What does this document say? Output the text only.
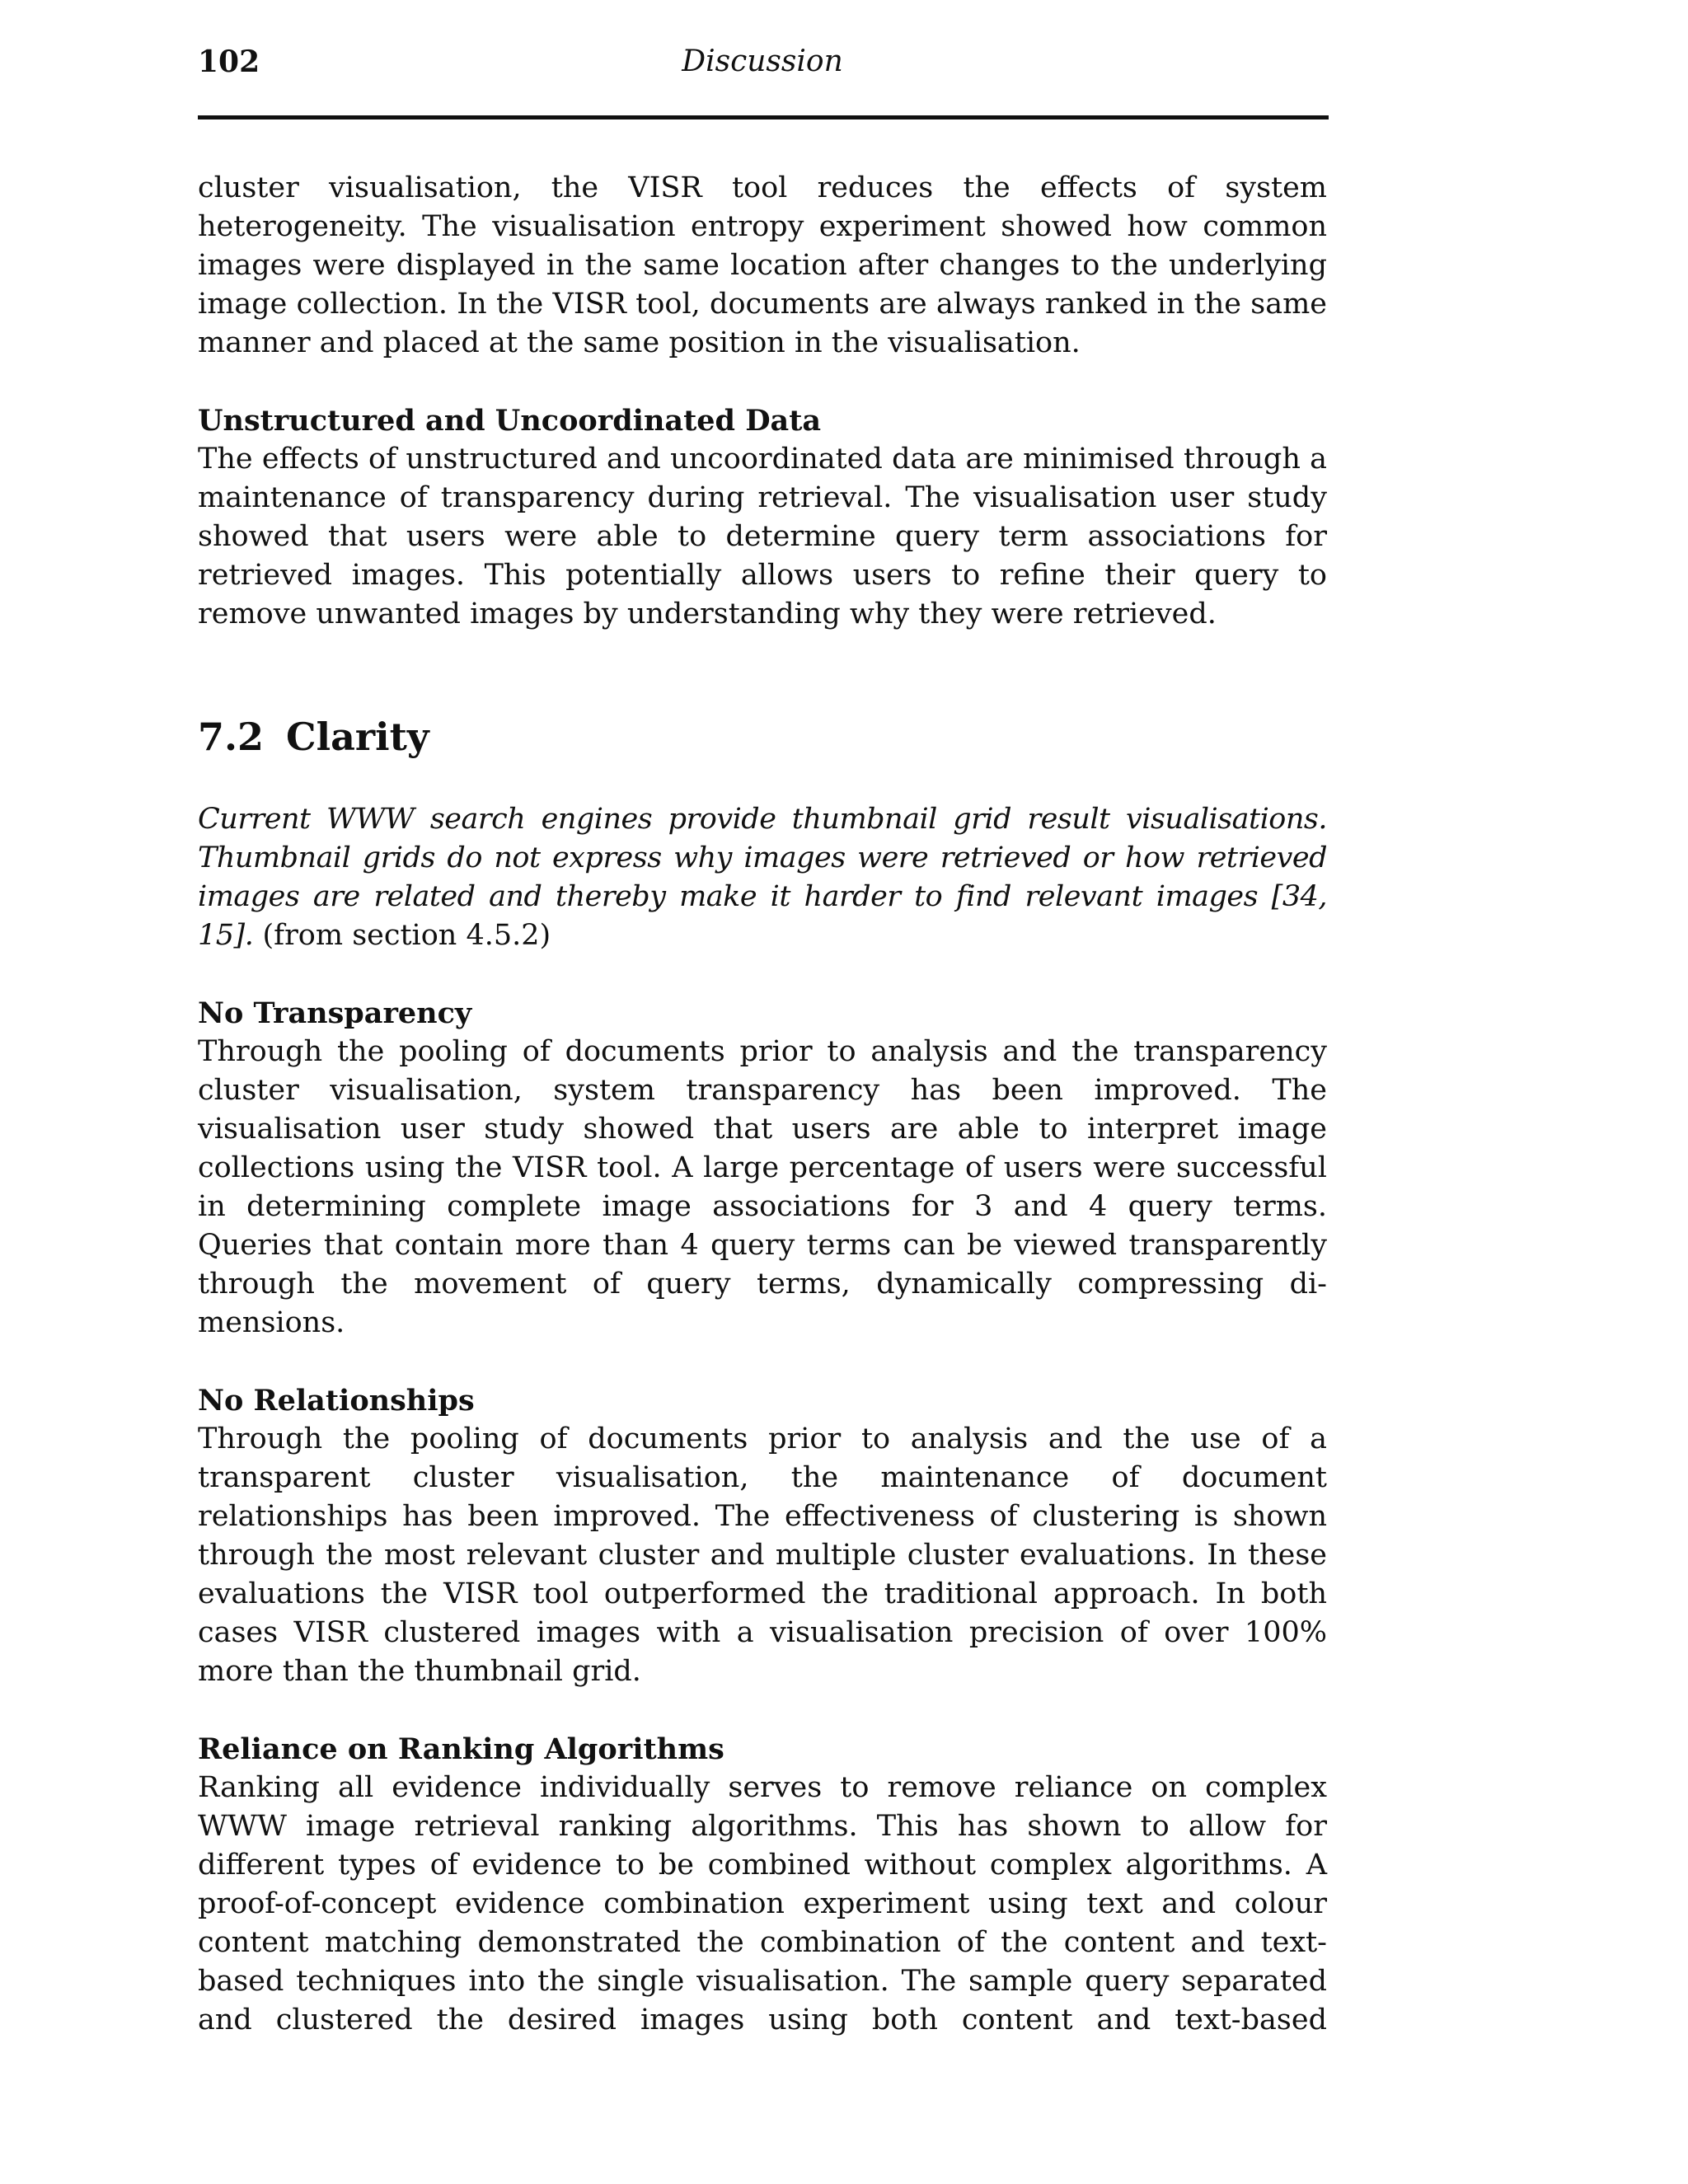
102	Discussion

cluster visualisation, the VISR tool reduces the effects of system heterogeneity. The visualisation entropy experiment showed how common images were displayed in the same location after changes to the underlying image collection. In the VISR tool, documents are always ranked in the same manner and placed at the same position in the visualisation.

Unstructured and Uncoordinated Data

The effects of unstructured and uncoordinated data are minimised through a maintenance of transparency during retrieval. The visualisation user study showed that users were able to determine query term associations for retrieved images. This potentially allows users to refine their query to remove unwanted images by understanding why they were retrieved.

7.2 Clarity

Current WWW search engines provide thumbnail grid result visualisations. Thumbnail grids do not express why images were retrieved or how retrieved images are related and thereby make it harder to find relevant images [34, 15]. (from section 4.5.2)

No Transparency

Through the pooling of documents prior to analysis and the transparency cluster visualisation, system transparency has been improved. The visualisation user study showed that users are able to interpret image collections using the VISR tool. A large percentage of users were successful in determining complete image associations for 3 and 4 query terms. Queries that contain more than 4 query terms can be viewed transparently through the movement of query terms, dynamically compressing dimensions.

No Relationships

Through the pooling of documents prior to analysis and the use of a transparent cluster visualisation, the maintenance of document relationships has been improved. The effectiveness of clustering is shown through the most relevant cluster and multiple cluster evaluations. In these evaluations the VISR tool outperformed the traditional approach. In both cases VISR clustered images with a visualisation precision of over 100% more than the thumbnail grid.

Reliance on Ranking Algorithms

Ranking all evidence individually serves to remove reliance on complex WWW image retrieval ranking algorithms. This has shown to allow for different types of evidence to be combined without complex algorithms. A proof-of-concept evidence combination experiment using text and colour content matching demonstrated the combination of the content and text-based techniques into the single visualisation. The sample query separated and clustered the desired images using both content and text-based
